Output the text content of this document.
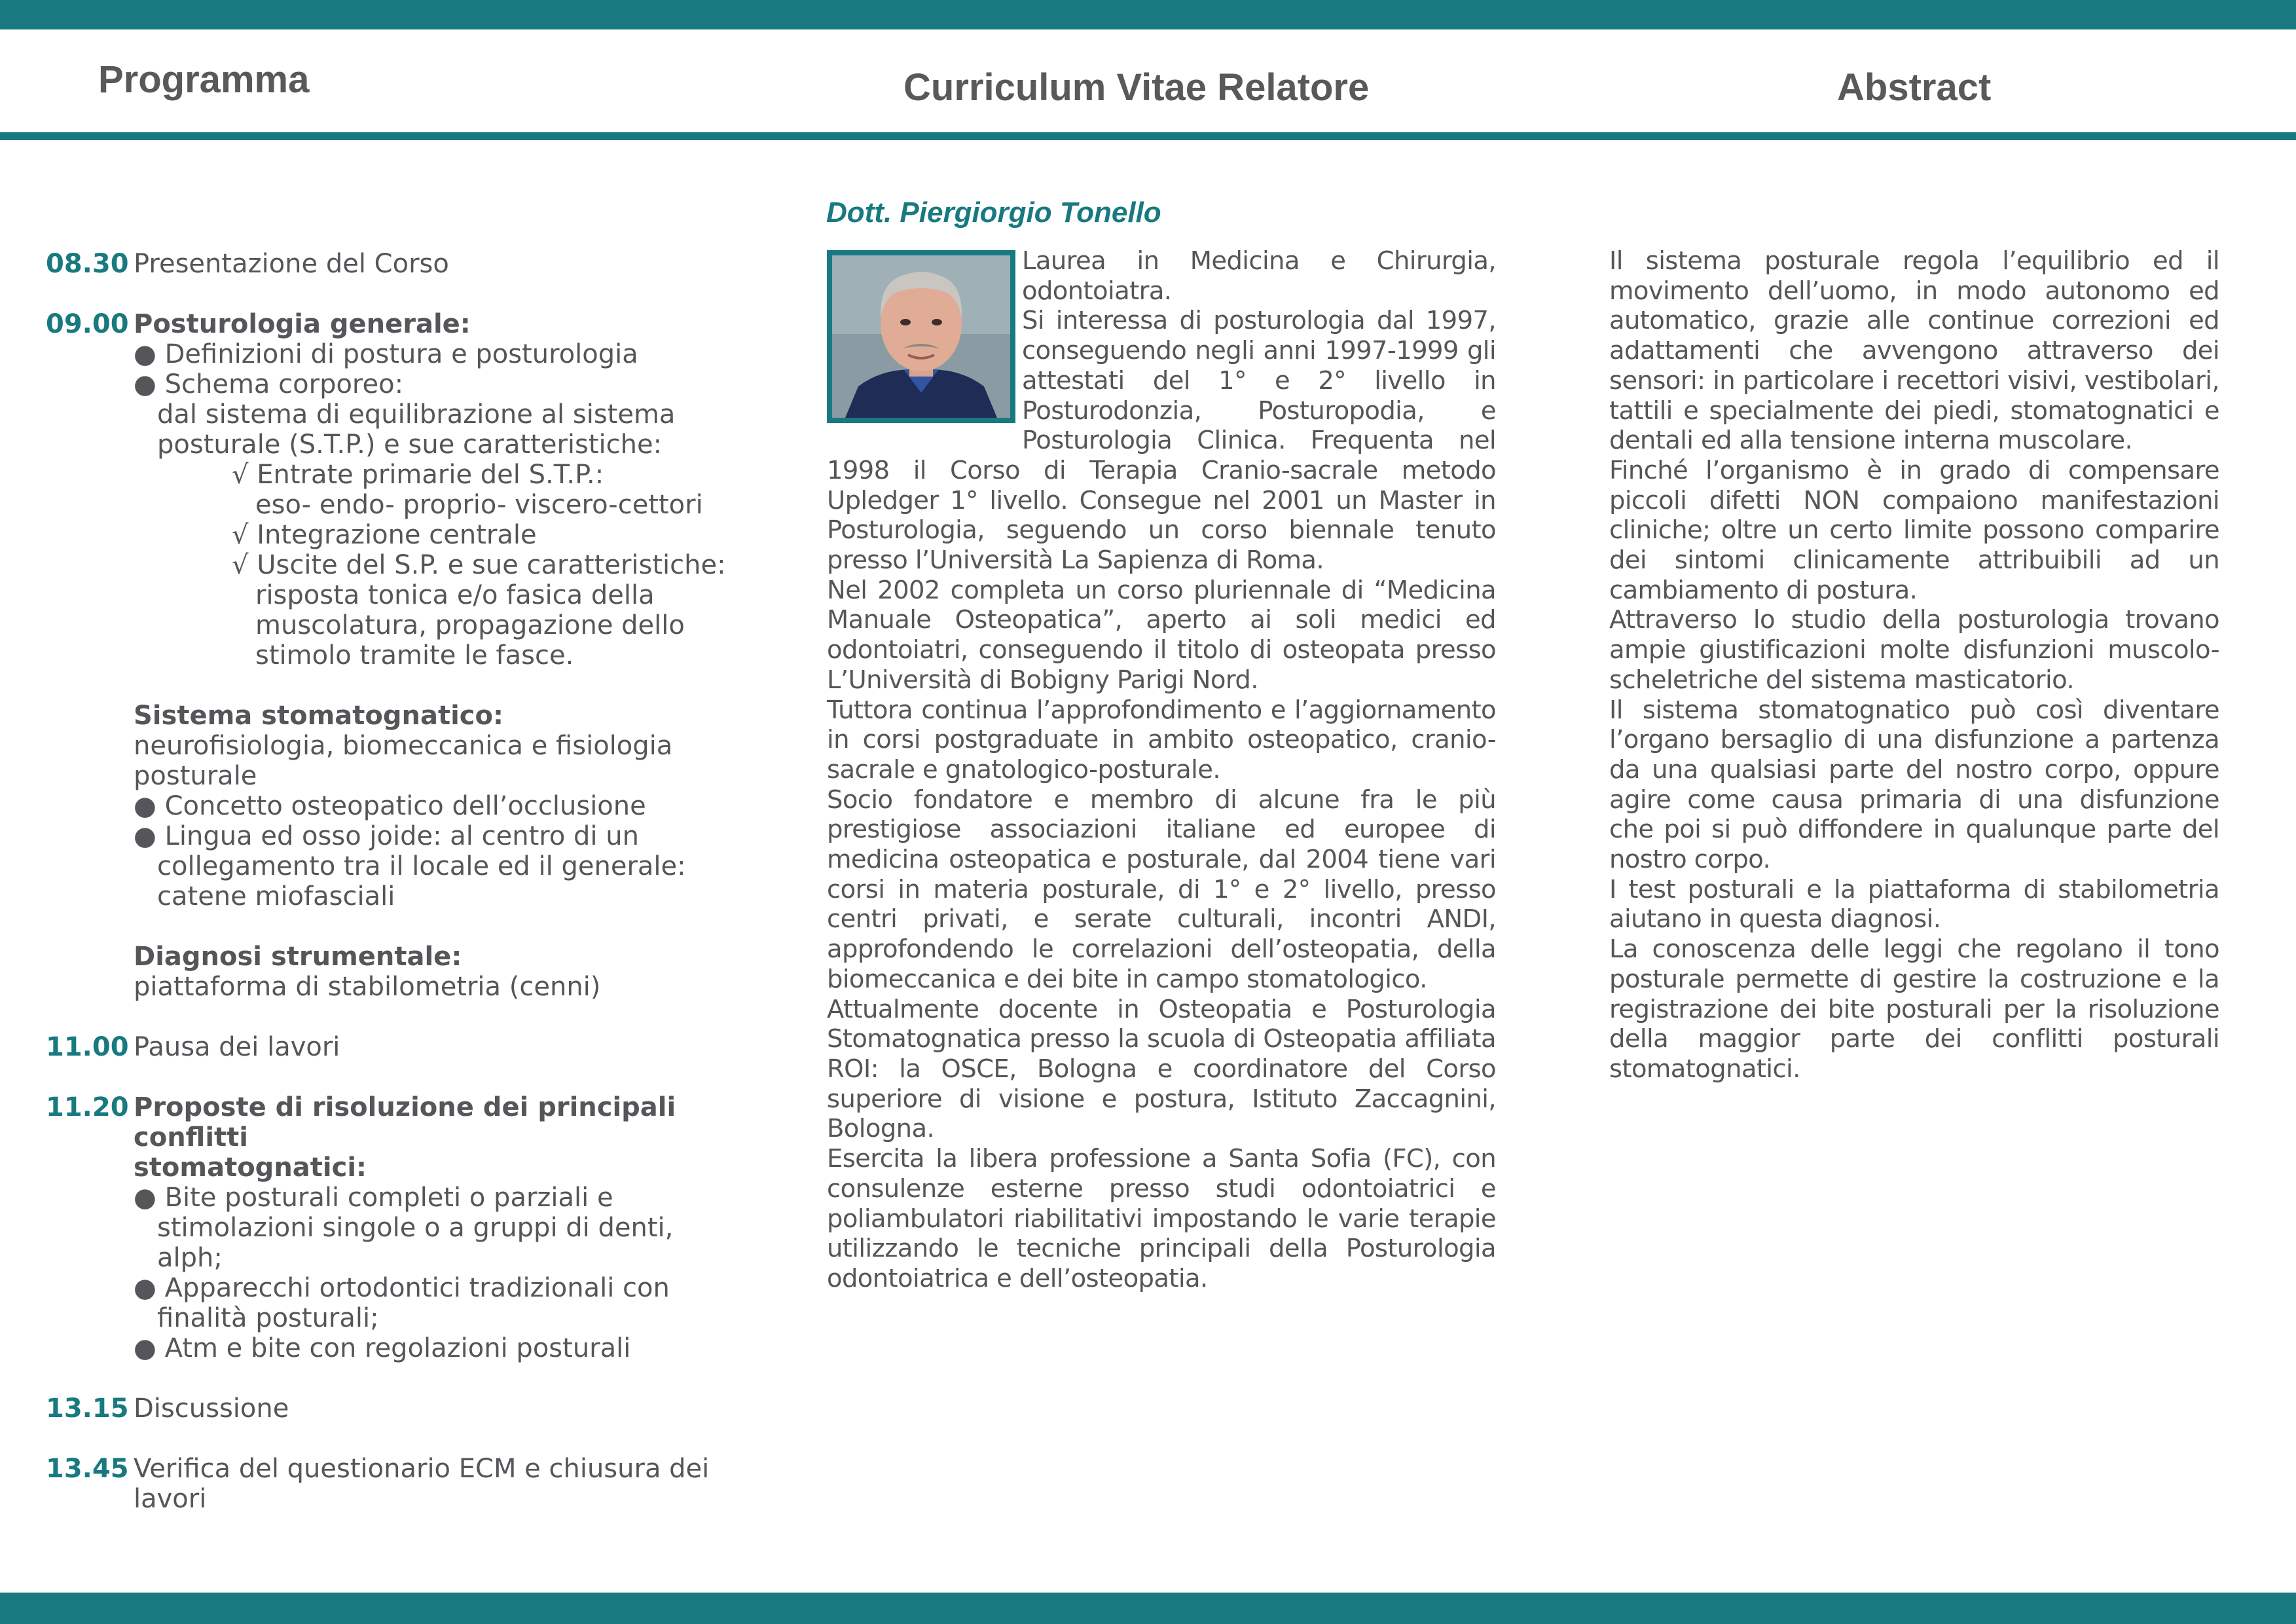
Programma	Curriculum Vitae Relatore	Abstract
08.30 Presentazione del Corso
09.00 Posturologia generale:
● Definizioni di postura e posturologia
● Schema corporeo:
dal sistema di equilibrazione al sistema
posturale (S.T.P.) e sue caratteristiche:
√ Entrate primarie del S.T.P.:
eso- endo- proprio- viscero-cettori
√ Integrazione centrale
√ Uscite del S.P. e sue caratteristiche:
risposta tonica e/o fasica della
muscolatura, propagazione dello
stimolo tramite le fasce.
Sistema stomatognatico:
neurofisiologia, biomeccanica e fisiologia
posturale
● Concetto osteopatico dell’occlusione
● Lingua ed osso joide: al centro di un
collegamento tra il locale ed il generale:
catene miofasciali
Diagnosi strumentale:
piattaforma di stabilometria (cenni)
11.00 Pausa dei lavori
11.20 Proposte di risoluzione dei principali conflitti
stomatognatici:
● Bite posturali completi o parziali e
stimolazioni singole o a gruppi di denti,
alph;
● Apparecchi ortodontici tradizionali con
finalità posturali;
● Atm e bite con regolazioni posturali
13.15 Discussione
13.45 Verifica del questionario ECM e chiusura dei
lavori
Dott. Piergiorgio Tonello

Laurea in Medicina e Chirurgia, odontoiatra.

Si interessa di posturologia dal 1997, conseguendo negli anni 1997-1999 gli attestati del 1° e 2° livello in Posturodonzia, Posturopodia, e Posturologia Clinica. Frequenta nel 1998 il Corso di Terapia Cranio-sacrale metodo Upledger 1° livello. Consegue nel 2001 un Master in Posturologia, seguendo un corso biennale tenuto presso l’Università La Sapienza di Roma.

Nel 2002 completa un corso pluriennale di “Medicina Manuale Osteopatica”, aperto ai soli medici ed odontoiatri, conseguendo il titolo di osteopata presso L’Università di Bobigny Parigi Nord.

Tuttora continua l’approfondimento e l’aggiornamento in corsi postgraduate in ambito osteopatico, cranio-sacrale e gnatologico-posturale.

Socio fondatore e membro di alcune fra le più prestigiose associazioni italiane ed europee di medicina osteopatica e posturale, dal 2004 tiene vari corsi in materia posturale, di 1° e 2° livello, presso centri privati, e serate culturali, incontri ANDI, approfondendo le correlazioni dell’osteopatia, della biomeccanica e dei bite in campo stomatologico.

Attualmente docente in Osteopatia e Posturologia Stomatognatica presso la scuola di Osteopatia affiliata ROI: la OSCE, Bologna e coordinatore del Corso superiore di visione e postura, Istituto Zaccagnini, Bologna.

Esercita la libera professione a Santa Sofia (FC), con consulenze esterne presso studi odontoiatrici e poliambulatori riabilitativi impostando le varie terapie utilizzando le tecniche principali della Posturologia odontoiatrica e dell’osteopatia.

Il sistema posturale regola l’equilibrio ed il movimento dell’uomo, in modo autonomo ed automatico, grazie alle continue correzioni ed adattamenti che avvengono attraverso dei sensori: in particolare i recettori visivi, vestibolari, tattili e specialmente dei piedi, stomatognatici e dentali ed alla tensione interna muscolare.

Finché l’organismo è in grado di compensare piccoli difetti NON compaiono manifestazioni cliniche; oltre un certo limite possono comparire dei sintomi clinicamente attribuibili ad un cambiamento di postura.

Attraverso lo studio della posturologia trovano ampie giustificazioni molte disfunzioni muscolo-scheletriche del sistema masticatorio.

Il sistema stomatognatico può così diventare l’organo bersaglio di una disfunzione a partenza da una qualsiasi parte del nostro corpo, oppure agire come causa primaria di una disfunzione che poi si può diffondere in qualunque parte del nostro corpo.

I test posturali e la piattaforma di stabilometria aiutano in questa diagnosi.

La conoscenza delle leggi che regolano il tono posturale permette di gestire la costruzione e la registrazione dei bite posturali per la risoluzione della maggior parte dei conflitti posturali stomatognatici.
